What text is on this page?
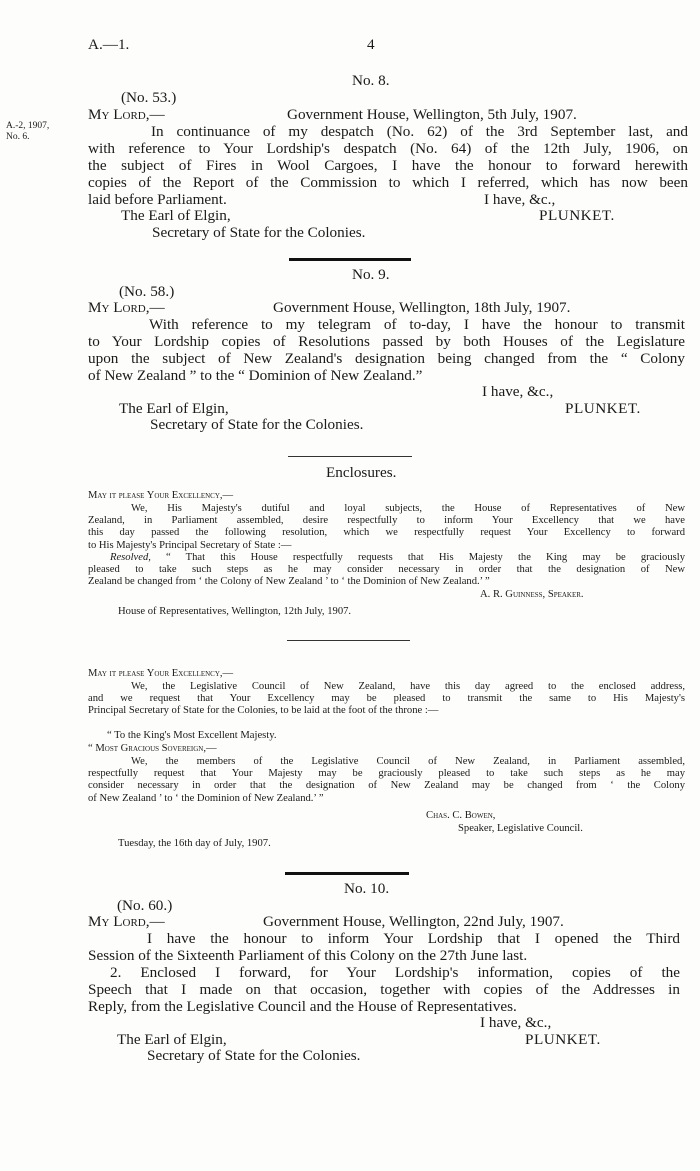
A.—1.	4
A.-2, 1907,
No. 6.
No. 8.
(No. 53.)
My Lord,—	Government House, Wellington, 5th July, 1907.
In continuance of my despatch (No. 62) of the 3rd September last, and
with reference to Your Lordship's despatch (No. 64) of the 12th July, 1906, on
the subject of Fires in Wool Cargoes, I have the honour to forward herewith
copies of the Report of the Commission to which I referred, which has now been
laid before Parliament.	I have, &c.,
The Earl of Elgin,	PLUNKET.
Secretary of State for the Colonies.
No. 9.
(No. 58.)
My Lord,—	Government House, Wellington, 18th July, 1907.
With reference to my telegram of to-day, I have the honour to transmit
to Your Lordship copies of Resolutions passed by both Houses of the Legislature
upon the subject of New Zealand's designation being changed from the “ Colony
of New Zealand ” to the “ Dominion of New Zealand.”
I have, &c.,
The Earl of Elgin,	PLUNKET.
Secretary of State for the Colonies.
Enclosures.
May it please Your Excellency,—
We, His Majesty's dutiful and loyal subjects, the House of Representatives of New
Zealand, in Parliament assembled, desire respectfully to inform Your Excellency that we have
this day passed the following resolution, which we respectfully request Your Excellency to forward
to His Majesty's Principal Secretary of State :—
Resolved, “ That this House respectfully requests that His Majesty the King may be graciously
pleased to take such steps as he may consider necessary in order that the designation of New
Zealand be changed from ‘ the Colony of New Zealand ’ to ‘ the Dominion of New Zealand.’ ”
A. R. Guinness, Speaker.
House of Representatives, Wellington, 12th July, 1907.
May it please Your Excellency,—
We, the Legislative Council of New Zealand, have this day agreed to the enclosed address,
and we request that Your Excellency may be pleased to transmit the same to His Majesty's
Principal Secretary of State for the Colonies, to be laid at the foot of the throne :—
“ To the King's Most Excellent Majesty.
“ Most Gracious Sovereign,—
We, the members of the Legislative Council of New Zealand, in Parliament assembled,
respectfully request that Your Majesty may be graciously pleased to take such steps as he may
consider necessary in order that the designation of New Zealand may be changed from ‘ the Colony
of New Zealand ’ to ‘ the Dominion of New Zealand.’ ”
Chas. C. Bowen,
Speaker, Legislative Council.
Tuesday, the 16th day of July, 1907.
No. 10.
(No. 60.)
My Lord,—	Government House, Wellington, 22nd July, 1907.
I have the honour to inform Your Lordship that I opened the Third
Session of the Sixteenth Parliament of this Colony on the 27th June last.
2. Enclosed I forward, for Your Lordship's information, copies of the
Speech that I made on that occasion, together with copies of the Addresses in
Reply, from the Legislative Council and the House of Representatives.
I have, &c.,
The Earl of Elgin,	PLUNKET.
Secretary of State for the Colonies.
